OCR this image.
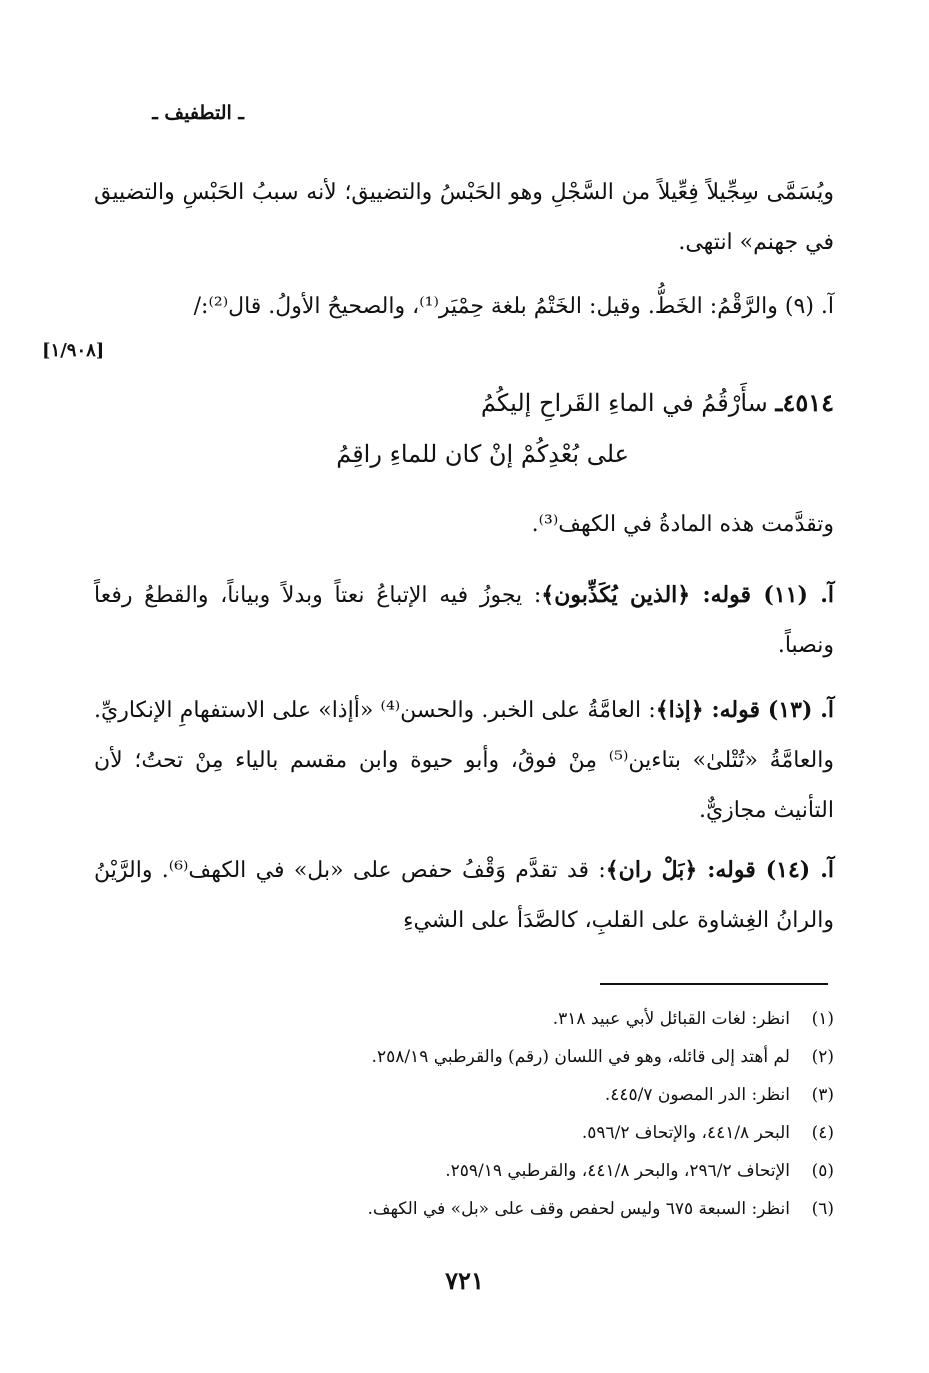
ـ التطفيف ـ
ويُسَمَّى سِجِّيلاً فِعِّيلاً من السَّجْلِ وهو الحَبْسُ والتضييق؛ لأنه سببُ الحَبْسِ والتضييق في جهنم» انتهى.
آ. (٩) والرَّقْمُ: الخَطُّ. وقيل: الخَتْمُ بلغة حِمْيَر⁽¹⁾، والصحيحُ الأولُ. قال⁽²⁾:/
[١/٩٠٨]
٤٥١٤ـ سأَرْقُمُ في الماءِ القَراحِ إليكُمُ
على بُعْدِكُمْ إنْ كان للماءِ راقِمُ
وتقدَّمت هذه المادةُ في الكهف⁽³⁾.
آ. (١١) قوله: ﴿الذين يُكَذِّبون﴾: يجوزُ فيه الإتباعُ نعتاً وبدلاً وبياناً، والقطعُ رفعاً ونصباً.
آ. (١٣) قوله: ﴿إذا﴾: العامَّةُ على الخبر. والحسن⁽⁴⁾ «أإذا» على الاستفهامِ الإنكاريِّ. والعامَّةُ «تُتْلىٰ» بتاءين⁽⁵⁾ مِنْ فوقُ، وأبو حيوة وابن مقسم بالياء مِنْ تحتُ؛ لأن التأنيث مجازيٌّ.
آ. (١٤) قوله: ﴿بَلْ ران﴾: قد تقدَّم وَقْفُ حفص على «بل» في الكهف⁽⁶⁾. والرَّيْنُ والرانُ الغِشاوة على القلبِ، كالصَّدَأ على الشيءِ
(١)انظر: لغات القبائل لأبي عبيد ٣١٨.
(٢)لم أهتد إلى قائله، وهو في اللسان (رقم) والقرطبي ٢٥٨/١٩.
(٣)انظر: الدر المصون ٤٤٥/٧.
(٤)البحر ٤٤١/٨، والإتحاف ٥٩٦/٢.
(٥)الإتحاف ٢٩٦/٢، والبحر ٤٤١/٨، والقرطبي ٢٥٩/١٩.
(٦)انظر: السبعة ٦٧٥ وليس لحفص وقف على «بل» في الكهف.
٧٢١
